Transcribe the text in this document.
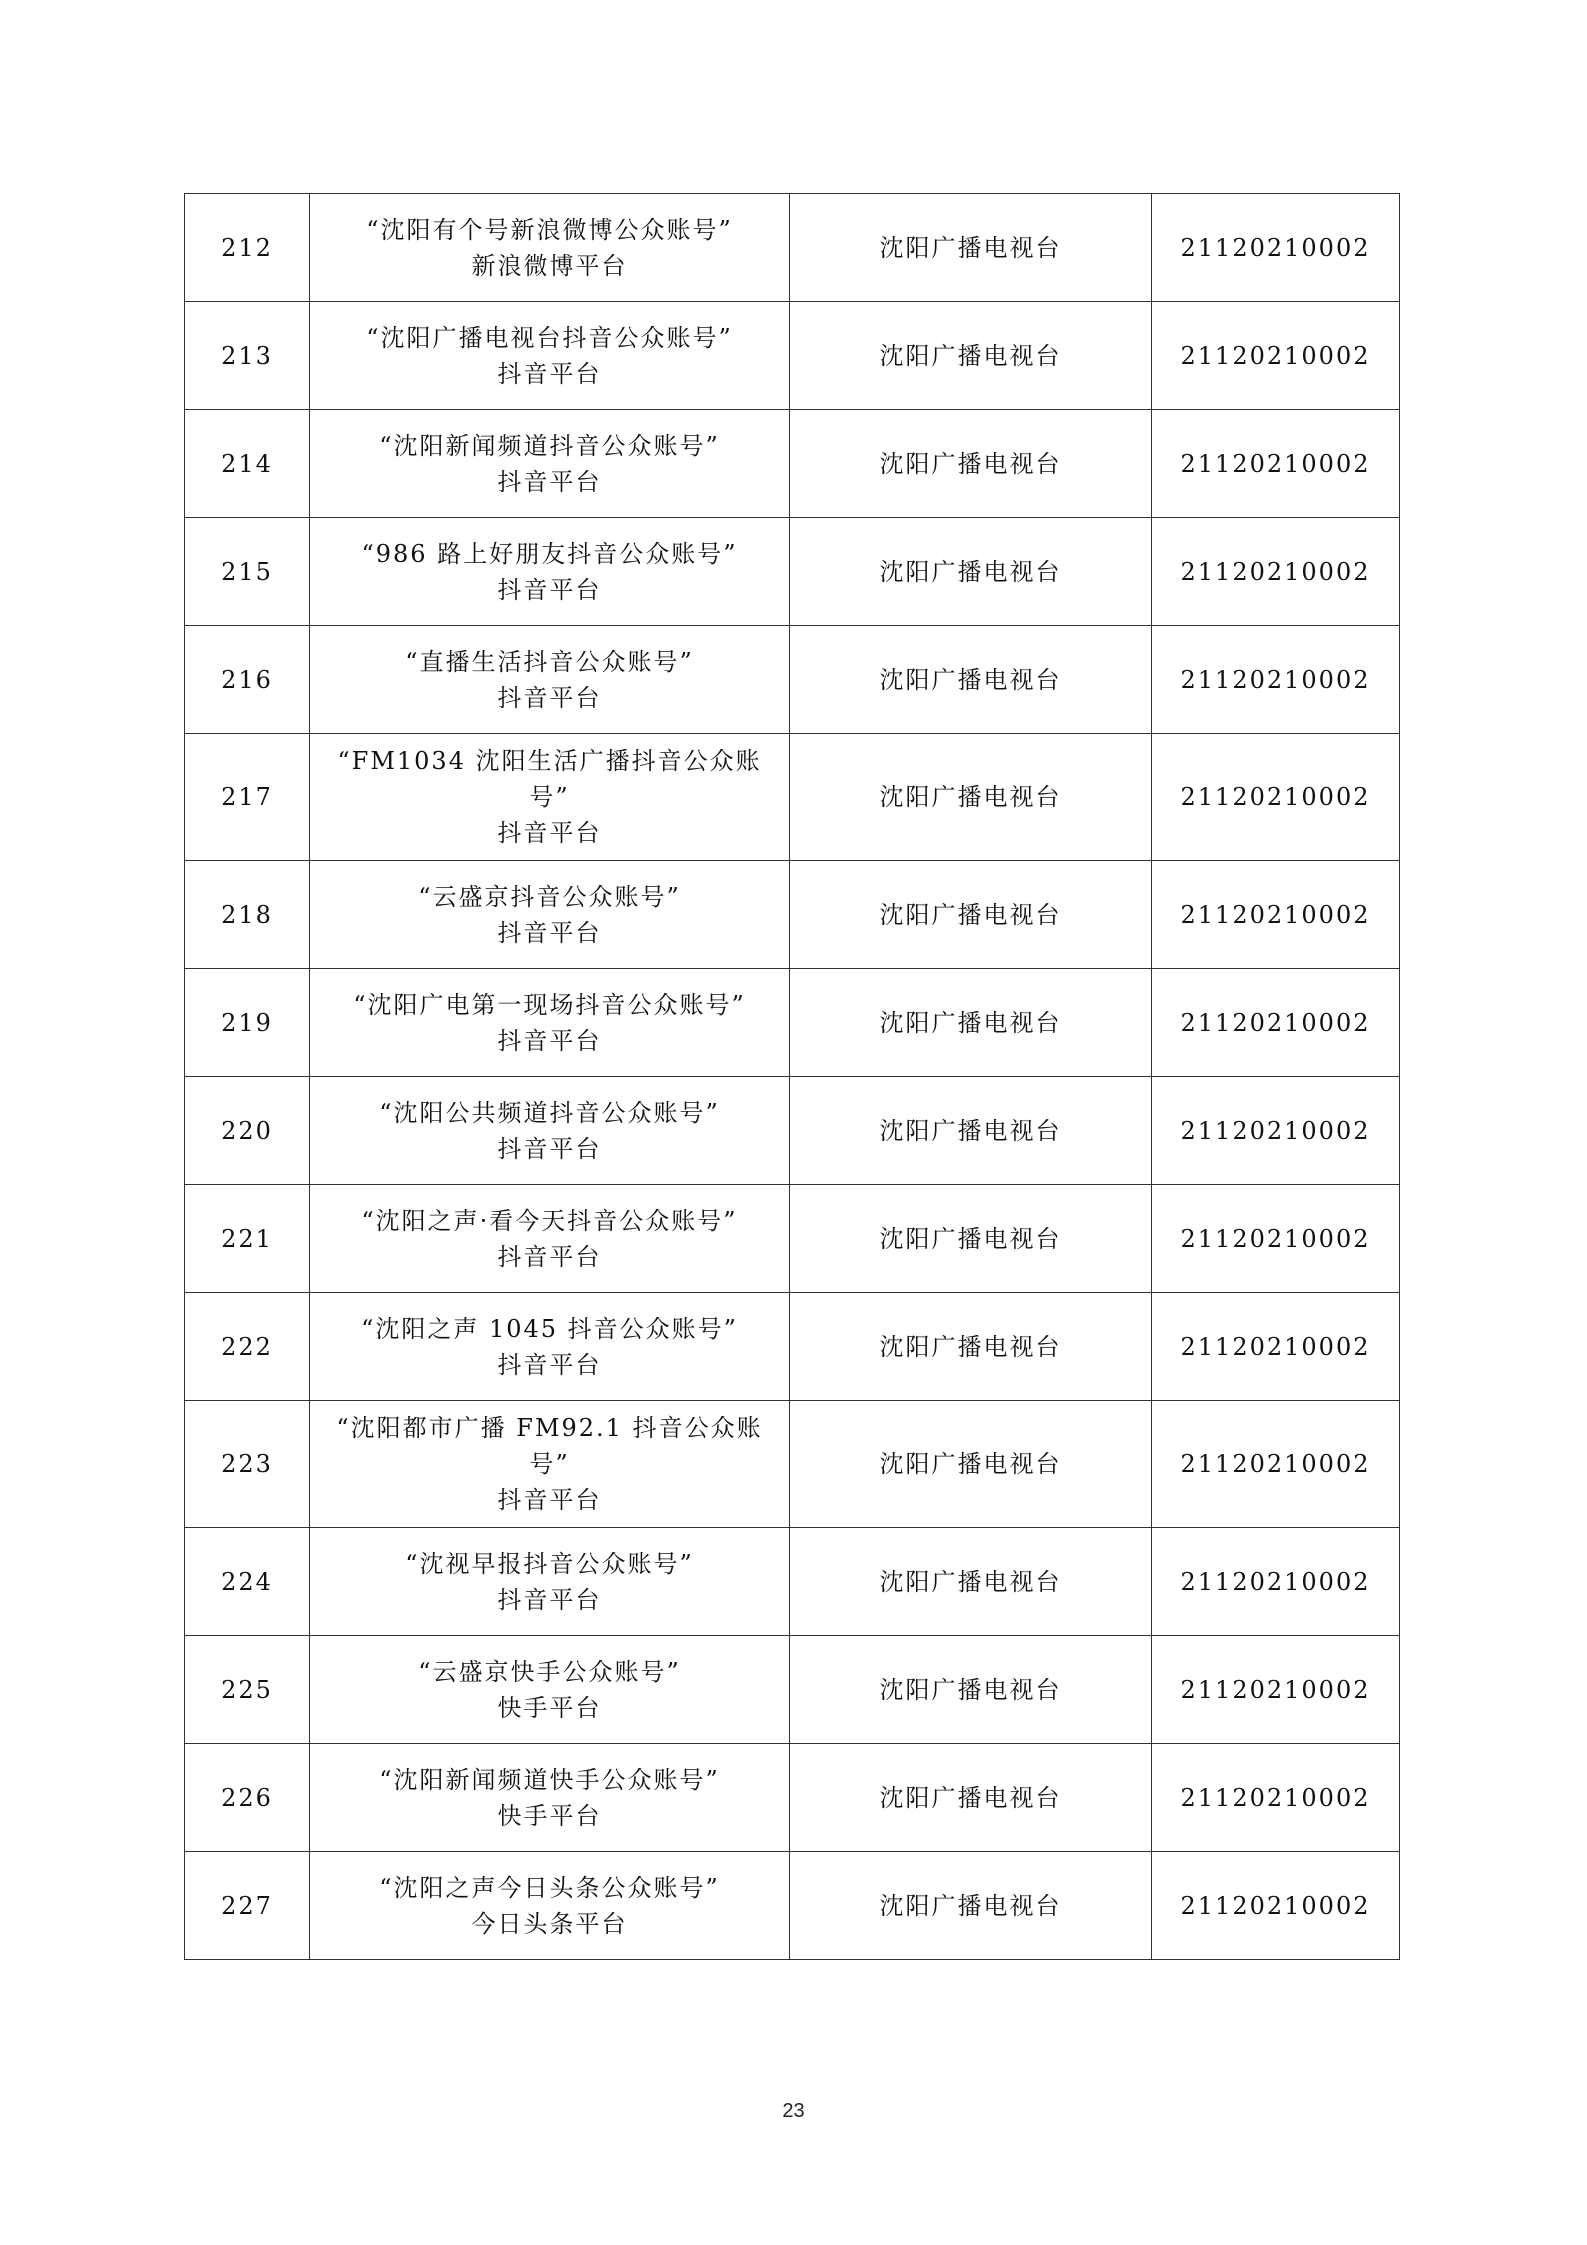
212	“沈阳有个号新浪微博公众账号”
新浪微博平台	沈阳广播电视台	21120210002
213	“沈阳广播电视台抖音公众账号”
抖音平台	沈阳广播电视台	21120210002
214	“沈阳新闻频道抖音公众账号”
抖音平台	沈阳广播电视台	21120210002
215	“986 路上好朋友抖音公众账号”
抖音平台	沈阳广播电视台	21120210002
216	“直播生活抖音公众账号”
抖音平台	沈阳广播电视台	21120210002
217	“FM1034 沈阳生活广播抖音公众账
号”
抖音平台	沈阳广播电视台	21120210002
218	“云盛京抖音公众账号”
抖音平台	沈阳广播电视台	21120210002
219	“沈阳广电第一现场抖音公众账号”
抖音平台	沈阳广播电视台	21120210002
220	“沈阳公共频道抖音公众账号”
抖音平台	沈阳广播电视台	21120210002
221	“沈阳之声·看今天抖音公众账号”
抖音平台	沈阳广播电视台	21120210002
222	“沈阳之声 1045 抖音公众账号”
抖音平台	沈阳广播电视台	21120210002
223	“沈阳都市广播 FM92.1 抖音公众账
号”
抖音平台	沈阳广播电视台	21120210002
224	“沈视早报抖音公众账号”
抖音平台	沈阳广播电视台	21120210002
225	“云盛京快手公众账号”
快手平台	沈阳广播电视台	21120210002
226	“沈阳新闻频道快手公众账号”
快手平台	沈阳广播电视台	21120210002
227	“沈阳之声今日头条公众账号”
今日头条平台	沈阳广播电视台	21120210002
23
